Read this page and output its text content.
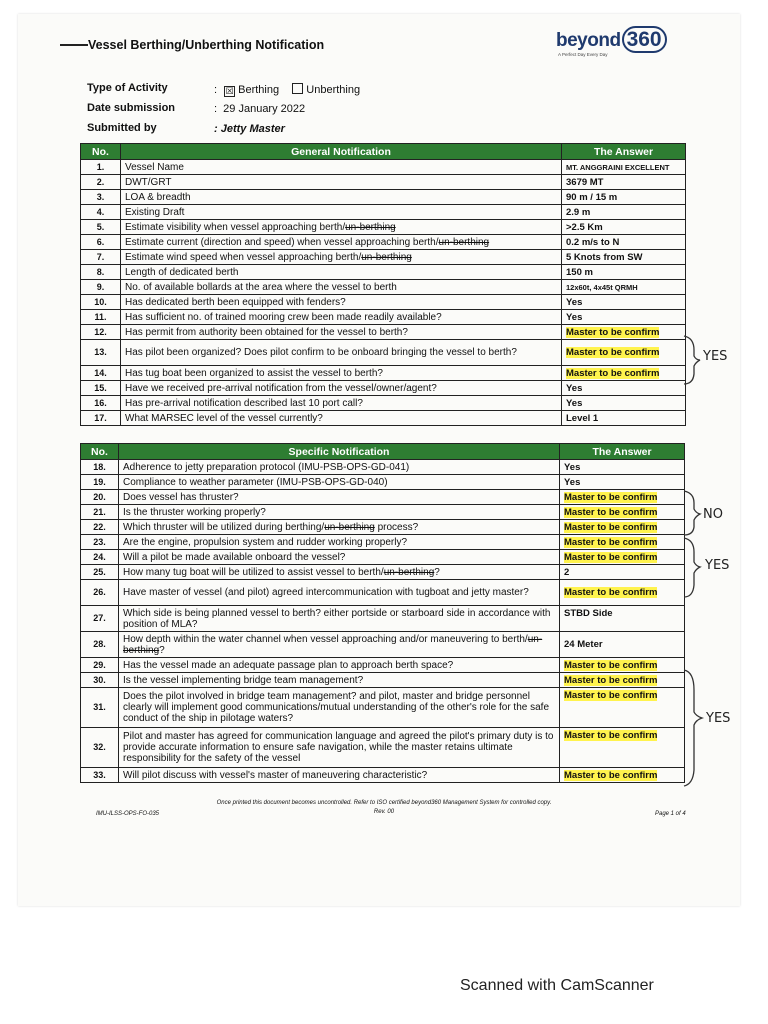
Vessel Berthing/Unberthing Notification	beyond 360
A Perfect Day Every Day
Type of Activity	: ☒ Berthing Unberthing
Date submission	:  29 January 2022
Submitted by	: Jetty Master
No.	General Notification	The Answer
1.	Vessel Name	MT. ANGGRAINI EXCELLENT
2.	DWT/GRT	3679 MT
3.	LOA & breadth	90 m / 15 m
4.	Existing Draft	2.9 m
5.	Estimate visibility when vessel approaching berth/un-berthing	>2.5 Km
6.	Estimate current (direction and speed) when vessel approaching berth/un-berthing	0.2 m/s to N
7.	Estimate wind speed when vessel approaching berth/un-berthing	5 Knots from SW
8.	Length of dedicated berth	150 m
9.	No. of available bollards at the area where the vessel to berth	12x60t, 4x45t QRMH
10.	Has dedicated berth been equipped with fenders?	Yes
11.	Has sufficient no. of trained mooring crew been made readily available?	Yes
12.	Has permit from authority been obtained for the vessel to berth?	Master to be confirm
13.	Has pilot been organized? Does pilot confirm to be onboard bringing the vessel to berth?	Master to be confirm
14.	Has tug boat been organized to assist the vessel to berth?	Master to be confirm
15.	Have we received pre-arrival notification from the vessel/owner/agent?	Yes
16.	Has pre-arrival notification described last 10 port call?	Yes
17.	What MARSEC level of the vessel currently?	Level 1
No.	Specific Notification	The Answer
18.	Adherence to jetty preparation protocol (IMU-PSB-OPS-GD-041)	Yes
19.	Compliance to weather parameter (IMU-PSB-OPS-GD-040)	Yes
20.	Does vessel has thruster?	Master to be confirm
21.	Is the thruster working properly?	Master to be confirm
22.	Which thruster will be utilized during berthing/un-berthing process?	Master to be confirm
23.	Are the engine, propulsion system and rudder working properly?	Master to be confirm
24.	Will a pilot be made available onboard the vessel?	Master to be confirm
25.	How many tug boat will be utilized to assist vessel to berth/un-berthing?	2
26.	Have master of vessel (and pilot) agreed intercommunication with tugboat and jetty master?	Master to be confirm
27.	Which side is being planned vessel to berth? either portside or starboard side in accordance with position of MLA?	STBD Side
28.	How depth within the water channel when vessel approaching and/or maneuvering to berth/un-berthing?	24 Meter
29.	Has the vessel made an adequate passage plan to approach berth space?	Master to be confirm
30.	Is the vessel implementing bridge team management?	Master to be confirm
31.	Does the pilot involved in bridge team management? and pilot, master and bridge personnel clearly will implement good communications/mutual understanding of the other's role for the safe conduct of the ship in pilotage waters?	Master to be confirm
32.	Pilot and master has agreed for communication language and agreed the pilot's primary duty is to provide accurate information to ensure safe navigation, while the master retains ultimate responsibility for the safety of the vessel	Master to be confirm
33.	Will pilot discuss with vessel's master of maneuvering characteristic?	Master to be confirm
Once printed this document becomes uncontrolled. Refer to ISO certified beyond360 Management System for controlled copy.
Rev. 00
IMU-ILSS-OPS-FO-035	Page 1 of 4
YES
NO
YES
YES
Scanned with CamScanner
